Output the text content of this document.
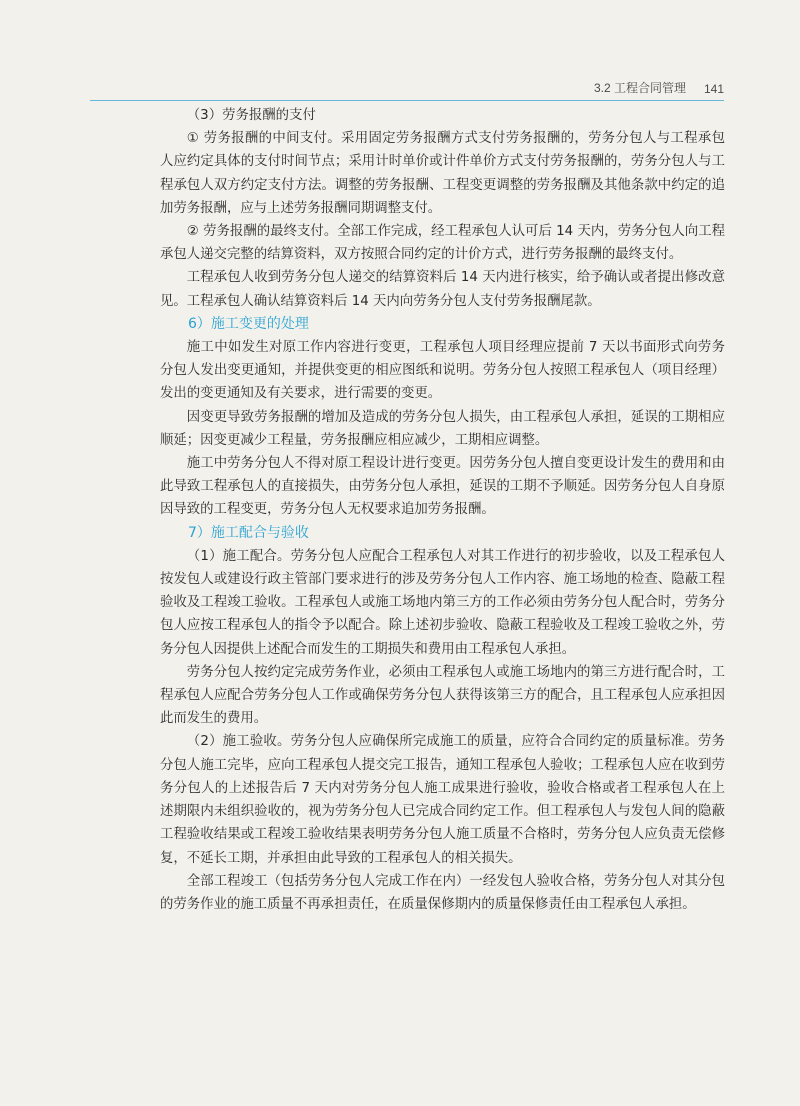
3.2 工程合同管理 141

（3）劳务报酬的支付

① 劳务报酬的中间支付。采用固定劳务报酬方式支付劳务报酬的，劳务分包人与工程承包人应约定具体的支付时间节点；采用计时单价或计件单价方式支付劳务报酬的，劳务分包人与工程承包人双方约定支付方法。调整的劳务报酬、工程变更调整的劳务报酬及其他条款中约定的追加劳务报酬，应与上述劳务报酬同期调整支付。

② 劳务报酬的最终支付。全部工作完成，经工程承包人认可后 14 天内，劳务分包人向工程承包人递交完整的结算资料，双方按照合同约定的计价方式，进行劳务报酬的最终支付。

工程承包人收到劳务分包人递交的结算资料后 14 天内进行核实，给予确认或者提出修改意见。工程承包人确认结算资料后 14 天内向劳务分包人支付劳务报酬尾款。

6）施工变更的处理

施工中如发生对原工作内容进行变更，工程承包人项目经理应提前 7 天以书面形式向劳务分包人发出变更通知，并提供变更的相应图纸和说明。劳务分包人按照工程承包人（项目经理）发出的变更通知及有关要求，进行需要的变更。

因变更导致劳务报酬的增加及造成的劳务分包人损失，由工程承包人承担，延误的工期相应顺延；因变更减少工程量，劳务报酬应相应减少，工期相应调整。

施工中劳务分包人不得对原工程设计进行变更。因劳务分包人擅自变更设计发生的费用和由此导致工程承包人的直接损失，由劳务分包人承担，延误的工期不予顺延。因劳务分包人自身原因导致的工程变更，劳务分包人无权要求追加劳务报酬。

7）施工配合与验收

（1）施工配合。劳务分包人应配合工程承包人对其工作进行的初步验收，以及工程承包人按发包人或建设行政主管部门要求进行的涉及劳务分包人工作内容、施工场地的检查、隐蔽工程验收及工程竣工验收。工程承包人或施工场地内第三方的工作必须由劳务分包人配合时，劳务分包人应按工程承包人的指令予以配合。除上述初步验收、隐蔽工程验收及工程竣工验收之外，劳务分包人因提供上述配合而发生的工期损失和费用由工程承包人承担。

劳务分包人按约定完成劳务作业，必须由工程承包人或施工场地内的第三方进行配合时，工程承包人应配合劳务分包人工作或确保劳务分包人获得该第三方的配合，且工程承包人应承担因此而发生的费用。

（2）施工验收。劳务分包人应确保所完成施工的质量，应符合合同约定的质量标准。劳务分包人施工完毕，应向工程承包人提交完工报告，通知工程承包人验收；工程承包人应在收到劳务分包人的上述报告后 7 天内对劳务分包人施工成果进行验收，验收合格或者工程承包人在上述期限内未组织验收的，视为劳务分包人已完成合同约定工作。但工程承包人与发包人间的隐蔽工程验收结果或工程竣工验收结果表明劳务分包人施工质量不合格时，劳务分包人应负责无偿修复，不延长工期，并承担由此导致的工程承包人的相关损失。

全部工程竣工（包括劳务分包人完成工作在内）一经发包人验收合格，劳务分包人对其分包的劳务作业的施工质量不再承担责任，在质量保修期内的质量保修责任由工程承包人承担。
